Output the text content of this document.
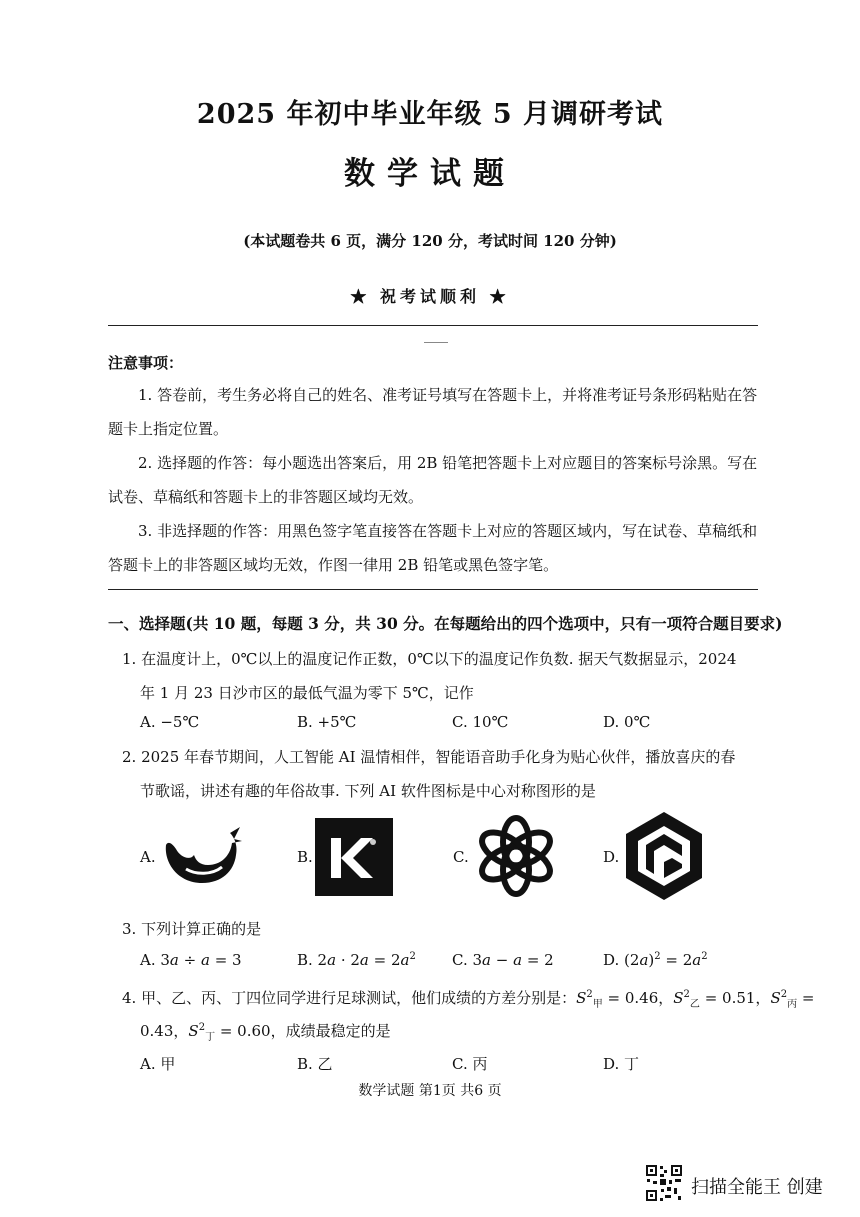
2025 年初中毕业年级 5 月调研考试
数学试题
(本试题卷共 6 页，满分 120 分，考试时间 120 分钟)
★ 祝考试顺利 ★
注意事项：
1. 答卷前，考生务必将自己的姓名、准考证号填写在答题卡上，并将准考证号条形码粘贴在答题卡上指定位置。
2. 选择题的作答：每小题选出答案后，用 2B 铅笔把答题卡上对应题目的答案标号涂黑。写在试卷、草稿纸和答题卡上的非答题区域均无效。
3. 非选择题的作答：用黑色签字笔直接答在答题卡上对应的答题区域内，写在试卷、草稿纸和答题卡上的非答题区域均无效，作图一律用 2B 铅笔或黑色签字笔。
一、选择题(共 10 题，每题 3 分，共 30 分。在每题给出的四个选项中，只有一项符合题目要求)
1. 在温度计上，0℃以上的温度记作正数，0℃以下的温度记作负数. 据天气数据显示，2024
年 1 月 23 日沙市区的最低气温为零下 5℃，记作
A. −5℃	B. +5℃	C. 10℃	D. 0℃
2. 2025 年春节期间，人工智能 AI 温情相伴，智能语音助手化身为贴心伙伴，播放喜庆的春
节歌谣，讲述有趣的年俗故事. 下列 AI 软件图标是中心对称图形的是
A.	B.	C.	D.
3. 下列计算正确的是
A. 3a ÷ a = 3	B. $2a \cdot 2a = 2a^2$ C. 3a − a = 2	D. $(2a)^2 = 2a^2$
4. 甲、乙、丙、丁四位同学进行足球测试，他们成绩的方差分别是：$S^2_甲 = 0.46$，$S^2_乙 = 0.51$，$S^2_丙$ =
0.43，$S^2_丁 = 0.60$，成绩最稳定的是
A. 甲	B. 乙	C. 丙	D. 丁
数学试题 第1页 共6 页
扫描全能王 创建
